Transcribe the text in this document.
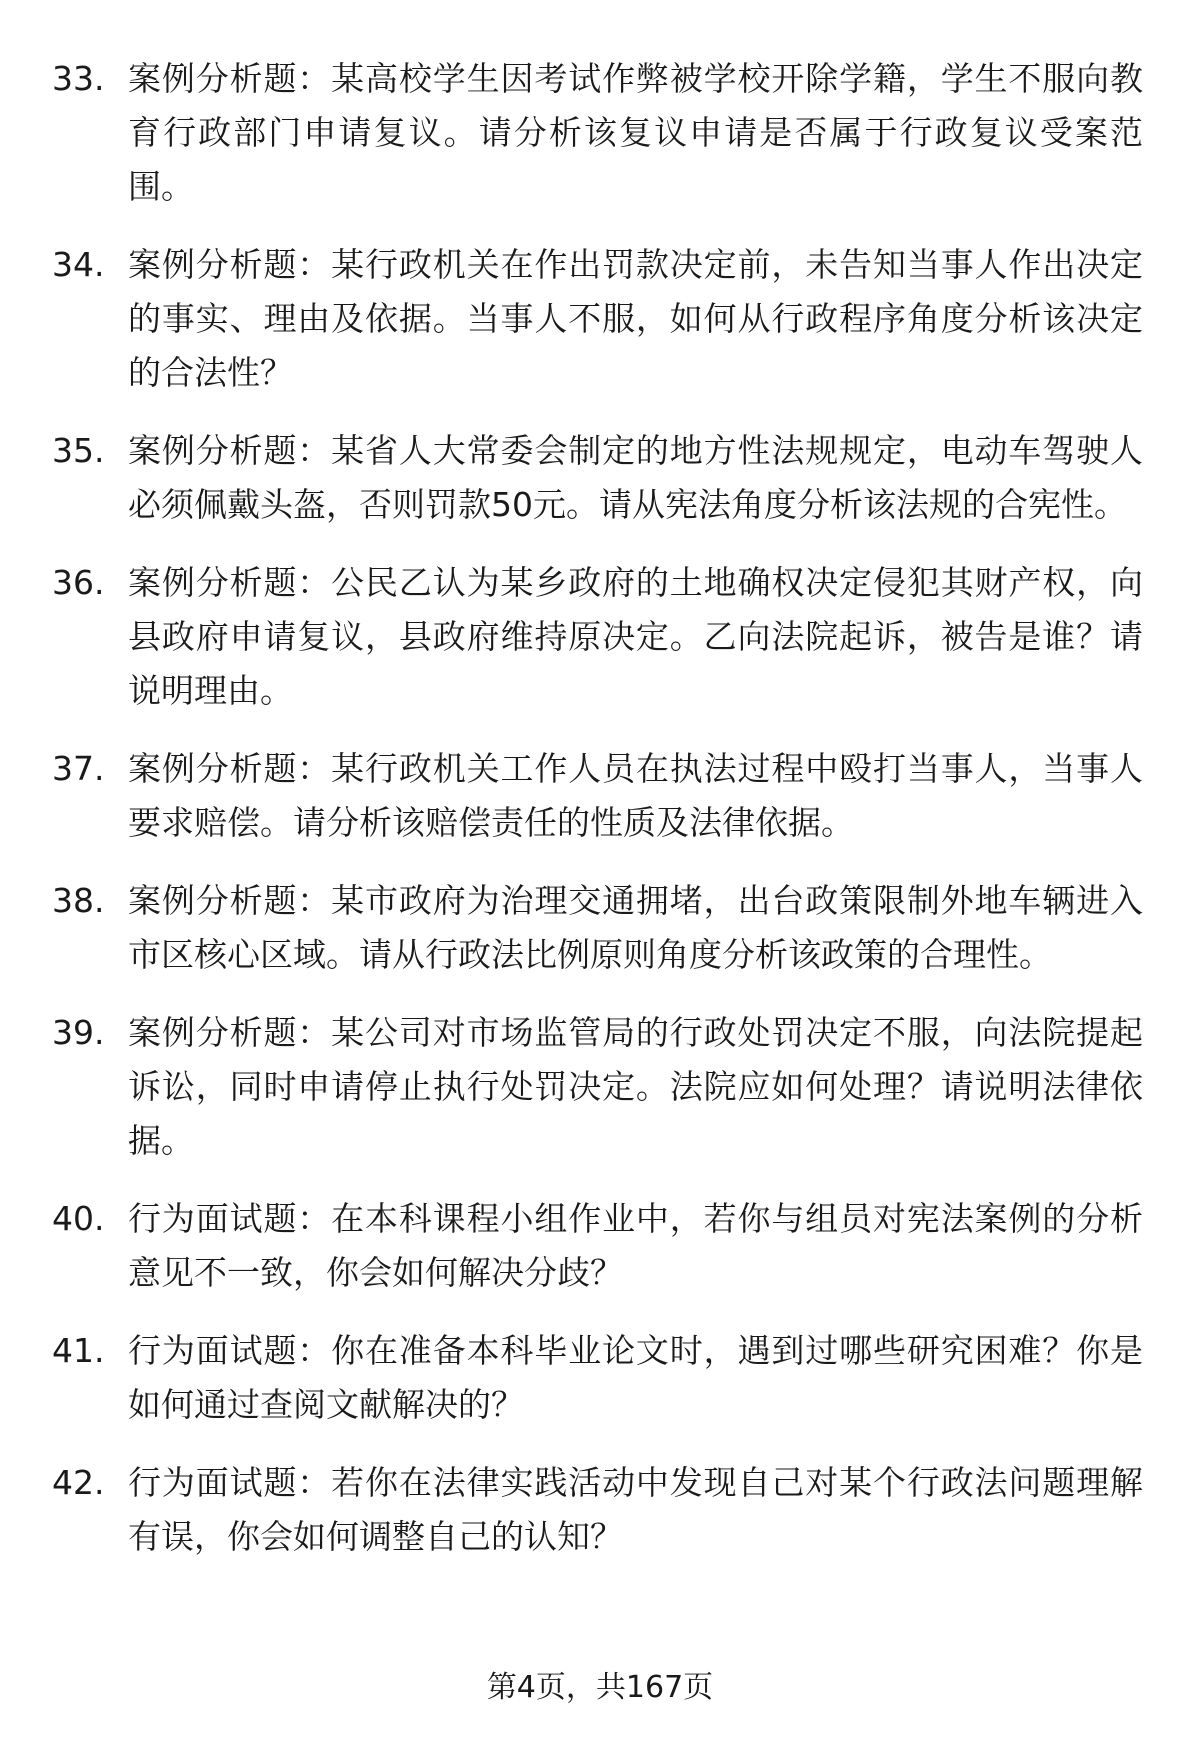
33. 案例分析题：某高校学生因考试作弊被学校开除学籍，学生不服向教育行政部门申请复议。请分析该复议申请是否属于行政复议受案范围。
34. 案例分析题：某行政机关在作出罚款决定前，未告知当事人作出决定的事实、理由及依据。当事人不服，如何从行政程序角度分析该决定的合法性？
35. 案例分析题：某省人大常委会制定的地方性法规规定，电动车驾驶人必须佩戴头盔，否则罚款50元。请从宪法角度分析该法规的合宪性。
36. 案例分析题：公民乙认为某乡政府的土地确权决定侵犯其财产权，向县政府申请复议，县政府维持原决定。乙向法院起诉，被告是谁？请说明理由。
37. 案例分析题：某行政机关工作人员在执法过程中殴打当事人，当事人要求赔偿。请分析该赔偿责任的性质及法律依据。
38. 案例分析题：某市政府为治理交通拥堵，出台政策限制外地车辆进入市区核心区域。请从行政法比例原则角度分析该政策的合理性。
39. 案例分析题：某公司对市场监管局的行政处罚决定不服，向法院提起诉讼，同时申请停止执行处罚决定。法院应如何处理？请说明法律依据。
40. 行为面试题：在本科课程小组作业中，若你与组员对宪法案例的分析意见不一致，你会如何解决分歧？
41. 行为面试题：你在准备本科毕业论文时，遇到过哪些研究困难？你是如何通过查阅文献解决的？
42. 行为面试题：若你在法律实践活动中发现自己对某个行政法问题理解有误，你会如何调整自己的认知？
第4页，共167页
